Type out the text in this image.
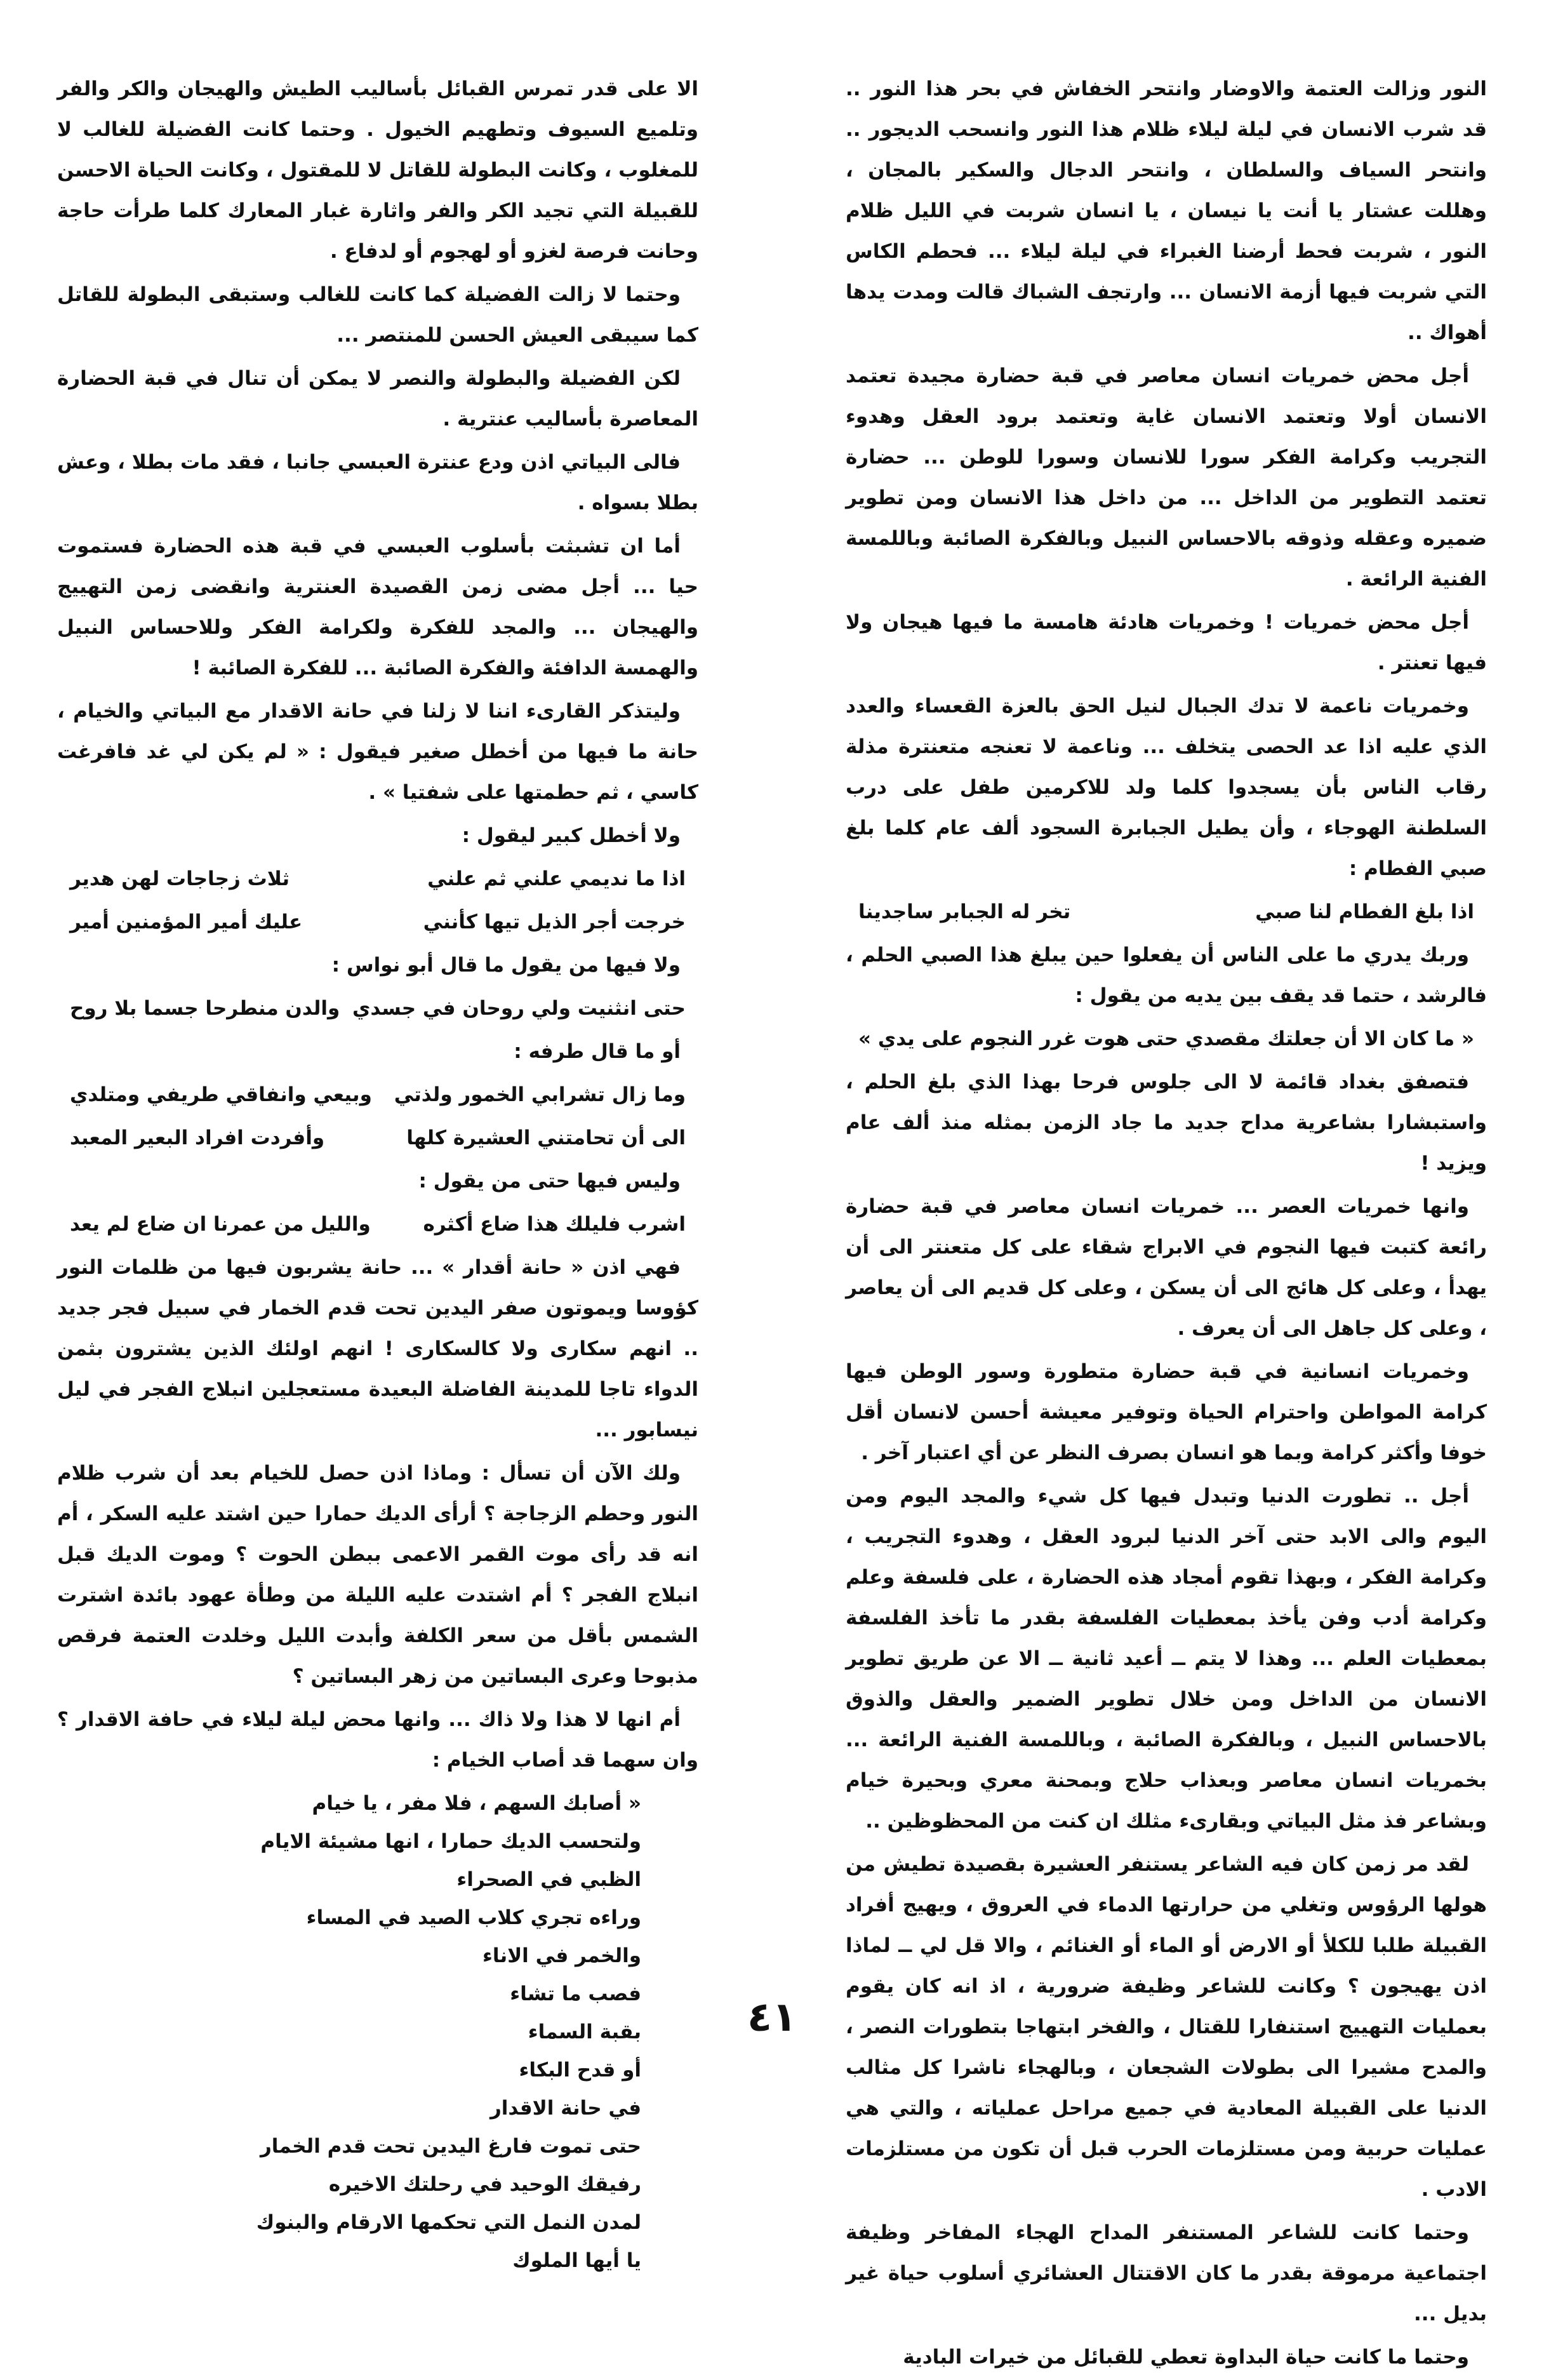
النور وزالت العتمة والاوضار وانتحر الخفاش في بحر هذا النور .. قد شرب الانسان في ليلة ليلاء ظلام هذا النور وانسحب الديجور .. وانتحر السياف والسلطان ، وانتحر الدجال والسكير بالمجان ، وهللت عشتار يا أنت يا نيسان ، يا انسان شربت في الليل ظلام النور ، شربت فحط أرضنا الغبراء في ليلة ليلاء ... فحطم الكاس التي شربت فيها أزمة الانسان ... وارتجف الشباك قالت ومدت يدها أهواك ..

أجل محض خمريات انسان معاصر في قبة حضارة مجيدة تعتمد الانسان أولا وتعتمد الانسان غاية وتعتمد برود العقل وهدوء التجريب وكرامة الفكر سورا للانسان وسورا للوطن ... حضارة تعتمد التطوير من الداخل ... من داخل هذا الانسان ومن تطوير ضميره وعقله وذوقه بالاحساس النبيل وبالفكرة الصائبة وباللمسة الفنية الرائعة .

أجل محض خمريات ! وخمريات هادئة هامسة ما فيها هيجان ولا فيها تعنتر .

وخمريات ناعمة لا تدك الجبال لنيل الحق بالعزة القعساء والعدد الذي عليه اذا عد الحصى يتخلف ... وناعمة لا تعنجه متعنترة مذلة رقاب الناس بأن يسجدوا كلما ولد للاكرمين طفل على درب السلطنة الهوجاء ، وأن يطيل الجبابرة السجود ألف عام كلما بلغ صبي الفطام :

اذا بلغ الفطام لنا صبي
تخر له الجبابر ساجدينا

وربك يدري ما على الناس أن يفعلوا حين يبلغ هذا الصبي الحلم ، فالرشد ، حتما قد يقف بين يديه من يقول :

« ما كان الا أن جعلتك مقصدي
حتى هوت غرر النجوم على يدي »

فتصفق بغداد قائمة لا الى جلوس فرحا بهذا الذي بلغ الحلم ، واستبشارا بشاعرية مداح جديد ما جاد الزمن بمثله منذ ألف عام ويزيد !

وانها خمريات العصر ... خمريات انسان معاصر في قبة حضارة رائعة كتبت فيها النجوم في الابراج شقاء على كل متعنتر الى أن يهدأ ، وعلى كل هائج الى أن يسكن ، وعلى كل قديم الى أن يعاصر ، وعلى كل جاهل الى أن يعرف .

وخمريات انسانية في قبة حضارة متطورة وسور الوطن فيها كرامة المواطن واحترام الحياة وتوفير معيشة أحسن لانسان أقل خوفا وأكثر كرامة وبما هو انسان بصرف النظر عن أي اعتبار آخر .

أجل .. تطورت الدنيا وتبدل فيها كل شيء والمجد اليوم ومن اليوم والى الابد حتى آخر الدنيا لبرود العقل ، وهدوء التجريب ، وكرامة الفكر ، وبهذا تقوم أمجاد هذه الحضارة ، على فلسفة وعلم وكرامة أدب وفن يأخذ بمعطيات الفلسفة بقدر ما تأخذ الفلسفة بمعطيات العلم ... وهذا لا يتم ــ أعيد ثانية ــ الا عن طريق تطوير الانسان من الداخل ومن خلال تطوير الضمير والعقل والذوق بالاحساس النبيل ، وبالفكرة الصائبة ، وباللمسة الفنية الرائعة ... بخمريات انسان معاصر وبعذاب حلاج وبمحنة معري وبحيرة خيام وبشاعر فذ مثل البياتي وبقارىء مثلك ان كنت من المحظوظين ..

لقد مر زمن كان فيه الشاعر يستنفر العشيرة بقصيدة تطيش من هولها الرؤوس وتغلي من حرارتها الدماء في العروق ، ويهيج أفراد القبيلة طلبا للكلأ أو الارض أو الماء أو الغنائم ، والا قل لي ــ لماذا اذن يهيجون ؟ وكانت للشاعر وظيفة ضرورية ، اذ انه كان يقوم بعمليات التهييج استنفارا للقتال ، والفخر ابتهاجا بتطورات النصر ، والمدح مشيرا الى بطولات الشجعان ، وبالهجاء ناشرا كل مثالب الدنيا على القبيلة المعادية في جميع مراحل عملياته ، والتي هي عمليات حربية ومن مستلزمات الحرب قبل أن تكون من مستلزمات الادب .

وحتما كانت للشاعر المستنفر المداح الهجاء المفاخر وظيفة اجتماعية مرموقة بقدر ما كان الاقتتال العشائري أسلوب حياة غير بديل ...

وحتما ما كانت حياة البداوة تعطي للقبائل من خيرات البادية

الا على قدر تمرس القبائل بأساليب الطيش والهيجان والكر والفر وتلميع السيوف وتطهيم الخيول . وحتما كانت الفضيلة للغالب لا للمغلوب ، وكانت البطولة للقاتل لا للمقتول ، وكانت الحياة الاحسن للقبيلة التي تجيد الكر والفر واثارة غبار المعارك كلما طرأت حاجة وحانت فرصة لغزو أو لهجوم أو لدفاع .

وحتما لا زالت الفضيلة كما كانت للغالب وستبقى البطولة للقاتل كما سيبقى العيش الحسن للمنتصر ...

لكن الفضيلة والبطولة والنصر لا يمكن أن تنال في قبة الحضارة المعاصرة بأساليب عنترية .

فالى البياتي اذن ودع عنترة العبسي جانبا ، فقد مات بطلا ، وعش بطلا بسواه .

أما ان تشبثت بأسلوب العبسي في قبة هذه الحضارة فستموت حيا ... أجل مضى زمن القصيدة العنترية وانقضى زمن التهييج والهيجان ... والمجد للفكرة ولكرامة الفكر وللاحساس النبيل والهمسة الدافئة والفكرة الصائبة ... للفكرة الصائبة !

وليتذكر القارىء اننا لا زلنا في حانة الاقدار مع البياتي والخيام ، حانة ما فيها من أخطل صغير فيقول : « لم يكن لي غد فافرغت كاسي ، ثم حطمتها على شفتيا » .

ولا أخطل كبير ليقول :

اذا ما نديمي علني ثم علني
ثلاث زجاجات لهن هدير
خرجت أجر الذيل تيها كأنني
عليك أمير المؤمنين أمير

ولا فيها من يقول ما قال أبو نواس :

حتى انثنيت ولي روحان في جسدي
والدن منطرحا جسما بلا روح

أو ما قال طرفه :

وما زال تشرابي الخمور ولذتي
وبيعي وانفاقي طريفي ومتلدي
الى أن تحامتني العشيرة كلها
وأفردت افراد البعير المعبد

وليس فيها حتى من يقول :

اشرب فليلك هذا ضاع أكثره
والليل من عمرنا ان ضاع لم يعد

فهي اذن « حانة أقدار » ... حانة يشربون فيها من ظلمات النور كؤوسا ويموتون صفر اليدين تحت قدم الخمار في سبيل فجر جديد .. انهم سكارى ولا كالسكارى ! انهم اولئك الذين يشترون بثمن الدواء تاجا للمدينة الفاضلة البعيدة مستعجلين انبلاج الفجر في ليل نيسابور ...

ولك الآن أن تسأل : وماذا اذن حصل للخيام بعد أن شرب ظلام النور وحطم الزجاجة ؟ أرأى الديك حمارا حين اشتد عليه السكر ، أم انه قد رأى موت القمر الاعمى ببطن الحوت ؟ وموت الديك قبل انبلاج الفجر ؟ أم اشتدت عليه الليلة من وطأة عهود بائدة اشترت الشمس بأقل من سعر الكلفة وأبدت الليل وخلدت العتمة فرقص مذبوحا وعرى البساتين من زهر البساتين ؟

أم انها لا هذا ولا ذاك ... وانها محض ليلة ليلاء في حافة الاقدار ؟ وان سهما قد أصاب الخيام :

« أصابك السهم ، فلا مفر ، يا خيام
ولتحسب الديك حمارا ، انها مشيئة الايام
الظبي في الصحراء
وراءه تجري كلاب الصيد في المساء
والخمر في الاناء
فصب ما تشاء
بقبة السماء
أو قدح البكاء
في حانة الاقدار
حتى تموت فارغ اليدين تحت قدم الخمار
رفيقك الوحيد في رحلتك الاخيره
لمدن النمل التي تحكمها الارقام والبنوك
يا أيها الملوك
٤١
